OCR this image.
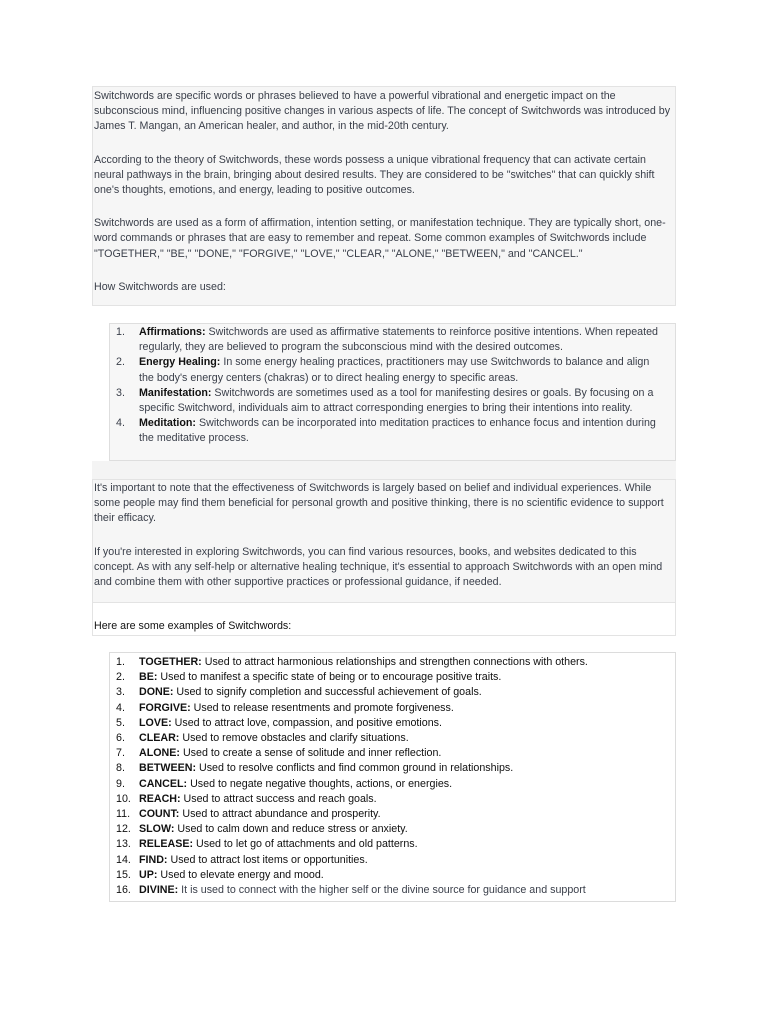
Switchwords are specific words or phrases believed to have a powerful vibrational and energetic impact on the subconscious mind, influencing positive changes in various aspects of life. The concept of Switchwords was introduced by James T. Mangan, an American healer, and author, in the mid-20th century.

According to the theory of Switchwords, these words possess a unique vibrational frequency that can activate certain neural pathways in the brain, bringing about desired results. They are considered to be "switches" that can quickly shift one's thoughts, emotions, and energy, leading to positive outcomes.

Switchwords are used as a form of affirmation, intention setting, or manifestation technique. They are typically short, one-word commands or phrases that are easy to remember and repeat. Some common examples of Switchwords include "TOGETHER," "BE," "DONE," "FORGIVE," "LOVE," "CLEAR," "ALONE," "BETWEEN," and "CANCEL."

How Switchwords are used:

1.	Affirmations: Switchwords are used as affirmative statements to reinforce positive intentions. When repeated regularly, they are believed to program the subconscious mind with the desired outcomes.
2.	Energy Healing: In some energy healing practices, practitioners may use Switchwords to balance and align the body's energy centers (chakras) or to direct healing energy to specific areas.
3.	Manifestation: Switchwords are sometimes used as a tool for manifesting desires or goals. By focusing on a specific Switchword, individuals aim to attract corresponding energies to bring their intentions into reality.
4.	Meditation: Switchwords can be incorporated into meditation practices to enhance focus and intention during the meditative process.

It's important to note that the effectiveness of Switchwords is largely based on belief and individual experiences. While some people may find them beneficial for personal growth and positive thinking, there is no scientific evidence to support their efficacy.

If you're interested in exploring Switchwords, you can find various resources, books, and websites dedicated to this concept. As with any self-help or alternative healing technique, it's essential to approach Switchwords with an open mind and combine them with other supportive practices or professional guidance, if needed.

Here are some examples of Switchwords:
1.	TOGETHER: Used to attract harmonious relationships and strengthen connections with others.
2.	BE: Used to manifest a specific state of being or to encourage positive traits.
3.	DONE: Used to signify completion and successful achievement of goals.
4.	FORGIVE: Used to release resentments and promote forgiveness.
5.	LOVE: Used to attract love, compassion, and positive emotions.
6.	CLEAR: Used to remove obstacles and clarify situations.
7.	ALONE: Used to create a sense of solitude and inner reflection.
8.	BETWEEN: Used to resolve conflicts and find common ground in relationships.
9.	CANCEL: Used to negate negative thoughts, actions, or energies.
10. REACH: Used to attract success and reach goals.
11. COUNT: Used to attract abundance and prosperity.
12. SLOW: Used to calm down and reduce stress or anxiety.
13. RELEASE: Used to let go of attachments and old patterns.
14. FIND: Used to attract lost items or opportunities.
15. UP: Used to elevate energy and mood.
16. DIVINE: It is used to connect with the higher self or the divine source for guidance and support
